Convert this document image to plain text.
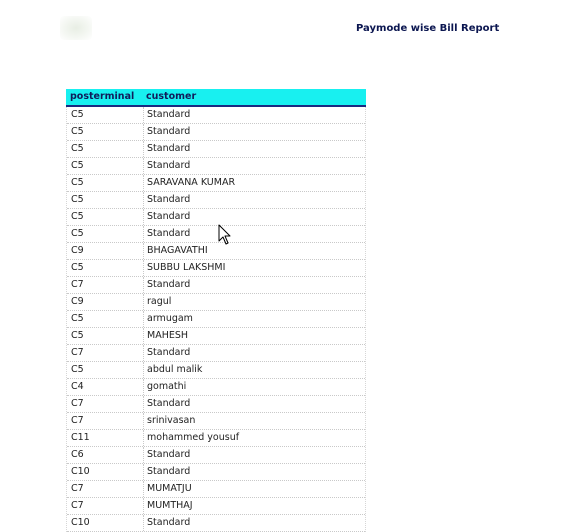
Paymode wise Bill Report
posterminal	customer
C5	Standard
C5	Standard
C5	Standard
C5	Standard
C5	SARAVANA KUMAR
C5	Standard
C5	Standard
C5	Standard
C9	BHAGAVATHI
C5	SUBBU LAKSHMI
C7	Standard
C9	ragul
C5	armugam
C5	MAHESH
C7	Standard
C5	abdul malik
C4	gomathi
C7	Standard
C7	srinivasan
C11	mohammed yousuf
C6	Standard
C10	Standard
C7	MUMATJU
C7	MUMTHAJ
C10	Standard
